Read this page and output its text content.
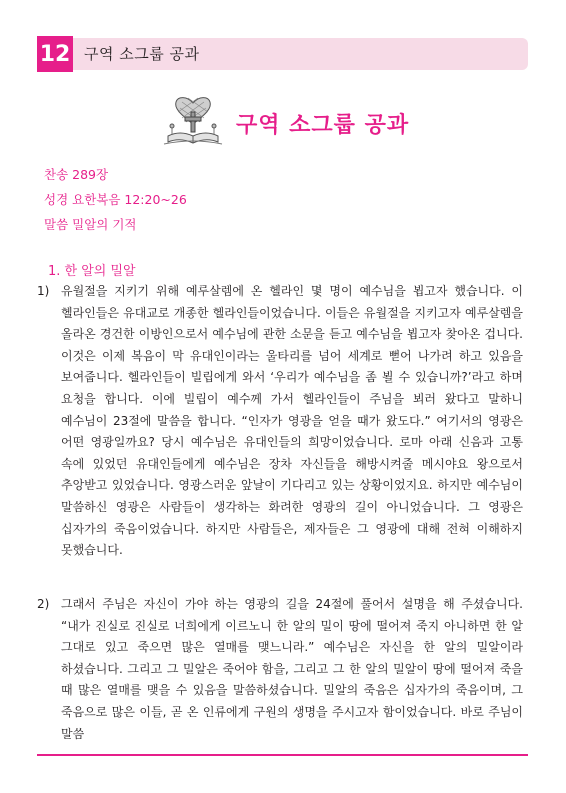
12 구역 소그룹 공과
구역 소그룹 공과
찬송 289장
성경 요한복음 12:20~26
말씀 밀알의 기적
1. 한 알의 밀알
1) 유월절을 지키기 위해 예루살렘에 온 헬라인 몇 명이 예수님을 뵙고자 했습니다. 이 헬라인들은 유대교로 개종한 헬라인들이었습니다. 이들은 유월절을 지키고자 예루살렘을 올라온 경건한 이방인으로서 예수님에 관한 소문을 듣고 예수님을 뵙고자 찾아온 겁니다. 이것은 이제 복음이 막 유대인이라는 울타리를 넘어 세계로 뻗어 나가려 하고 있음을 보여줍니다. 헬라인들이 빌립에게 와서 ‘우리가 예수님을 좀 뵐 수 있습니까?’라고 하며 요청을 합니다. 이에 빌립이 예수께 가서 헬라인들이 주님을 뵈러 왔다고 말하니 예수님이 23절에 말씀을 합니다. “인자가 영광을 얻을 때가 왔도다.” 여기서의 영광은 어떤 영광일까요? 당시 예수님은 유대인들의 희망이었습니다. 로마 아래 신음과 고통 속에 있었던 유대인들에게 예수님은 장차 자신들을 해방시켜줄 메시야요 왕으로서 추앙받고 있었습니다. 영광스러운 앞날이 기다리고 있는 상황이었지요. 하지만 예수님이 말씀하신 영광은 사람들이 생각하는 화려한 영광의 길이 아니었습니다. 그 영광은 십자가의 죽음이었습니다. 하지만 사람들은, 제자들은 그 영광에 대해 전혀 이해하지 못했습니다.
2) 그래서 주님은 자신이 가야 하는 영광의 길을 24절에 풀어서 설명을 해 주셨습니다. “내가 진실로 진실로 너희에게 이르노니 한 알의 밀이 땅에 떨어져 죽지 아니하면 한 알 그대로 있고 죽으면 많은 열매를 맺느니라.” 예수님은 자신을 한 알의 밀알이라 하셨습니다. 그리고 그 밀알은 죽어야 함을, 그리고 그 한 알의 밀알이 땅에 떨어져 죽을 때 많은 열매를 맺을 수 있음을 말씀하셨습니다. 밀알의 죽음은 십자가의 죽음이며, 그 죽음으로 많은 이들, 곧 온 인류에게 구원의 생명을 주시고자 함이었습니다. 바로 주님이 말씀
